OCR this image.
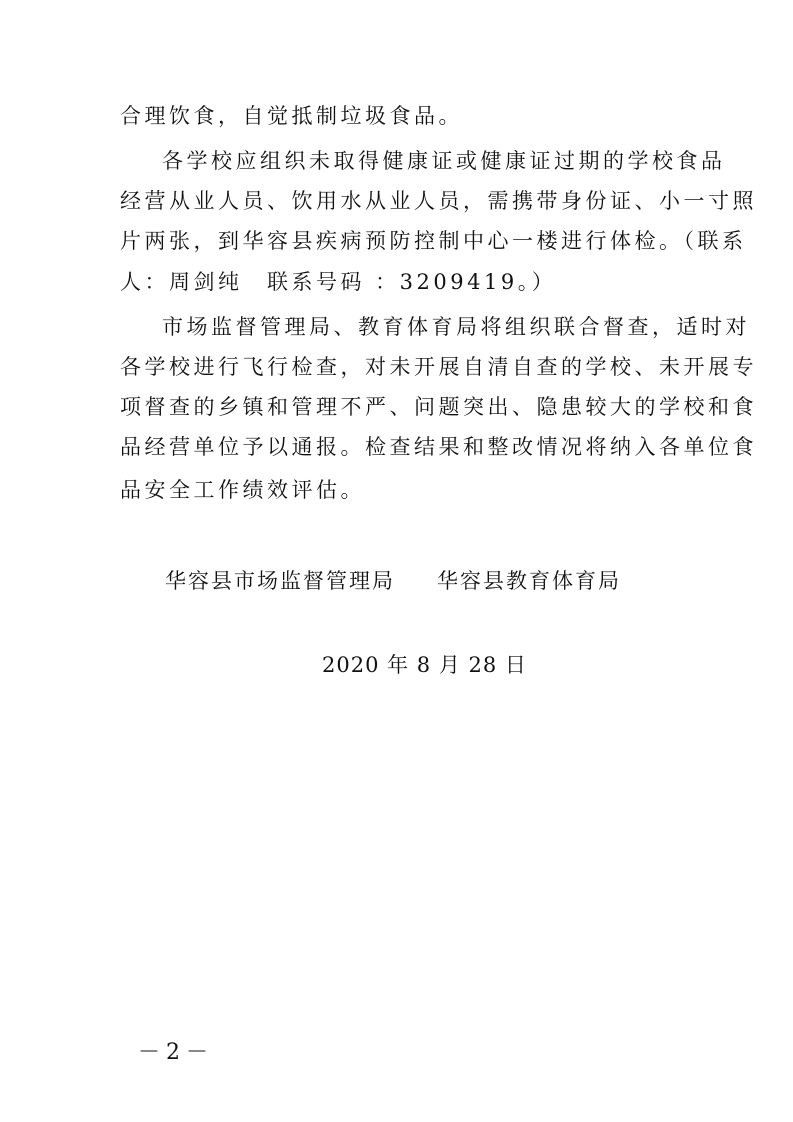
合理饮食，自觉抵制垃圾食品。
各学校应组织未取得健康证或健康证过期的学校食品
经营从业人员、饮用水从业人员，需携带身份证、小一寸照
片两张，到华容县疾病预防控制中心一楼进行体检。（联系
人：周剑纯　联系号码 ：3209419。）
市场监督管理局、教育体育局将组织联合督查，适时对
各学校进行飞行检查，对未开展自清自查的学校、未开展专
项督查的乡镇和管理不严、问题突出、隐患较大的学校和食
品经营单位予以通报。检查结果和整改情况将纳入各单位食
品安全工作绩效评估。
华容县市场监督管理局 华容县教育体育局
2020 年 8 月 28 日
－2－
